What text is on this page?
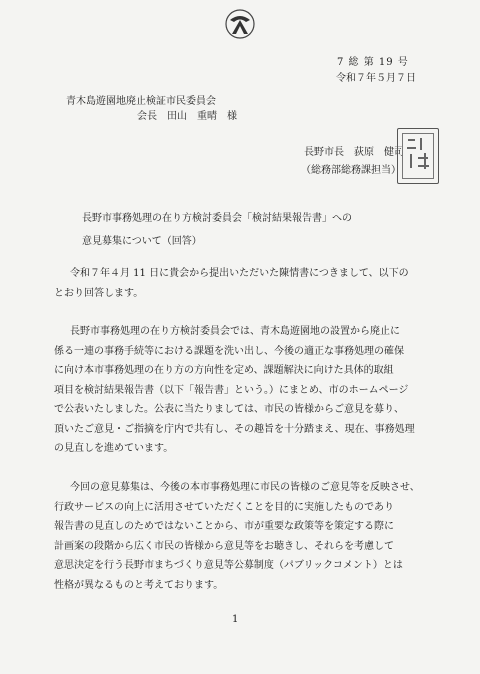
7 総 第 19 号
令和７年５月７日
青木島遊園地廃止検証市民委員会
会長　田山　重晴　様
長野市長　荻原　健司
（総務部総務課担当）
長野市事務処理の在り方検討委員会「検討結果報告書」への
意見募集について（回答）
令和７年４月 11 日に貴会から提出いただいた陳情書につきまして、以下の
とおり回答します。
長野市事務処理の在り方検討委員会では、青木島遊園地の設置から廃止に
係る一連の事務手続等における課題を洗い出し、今後の適正な事務処理の確保
に向け本市事務処理の在り方の方向性を定め、課題解決に向けた具体的取組
項目を検討結果報告書（以下「報告書」という。）にまとめ、市のホームページ
で公表いたしました。公表に当たりましては、市民の皆様からご意見を募り、
頂いたご意見・ご指摘を庁内で共有し、その趣旨を十分踏まえ、現在、事務処理
の見直しを進めています。
今回の意見募集は、今後の本市事務処理に市民の皆様のご意見等を反映させ、
行政サービスの向上に活用させていただくことを目的に実施したものであり
報告書の見直しのためではないことから、市が重要な政策等を策定する際に
計画案の段階から広く市民の皆様から意見等をお聴きし、それらを考慮して
意思決定を行う長野市まちづくり意見等公募制度（パブリックコメント）とは
性格が異なるものと考えております。
1
